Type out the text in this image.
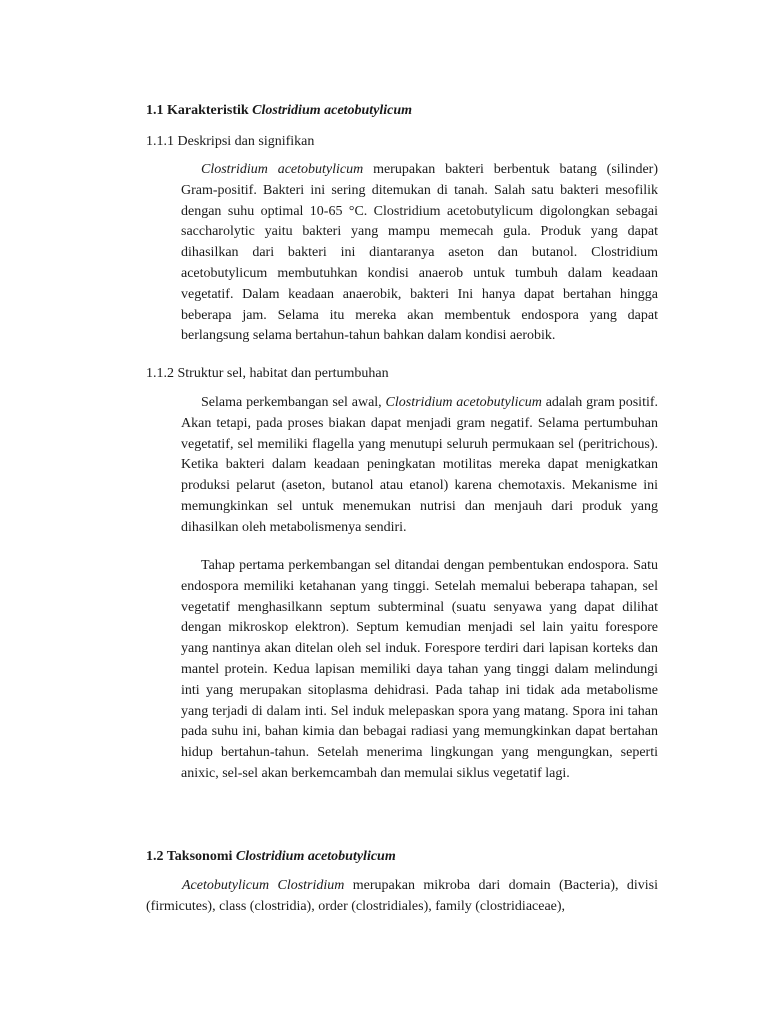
1.1 Karakteristik Clostridium acetobutylicum
1.1.1 Deskripsi dan signifikan

Clostridium acetobutylicum merupakan bakteri berbentuk batang (silinder) Gram-positif. Bakteri ini sering ditemukan di tanah. Salah satu bakteri mesofilik dengan suhu optimal 10-65 °C. Clostridium acetobutylicum digolongkan sebagai saccharolytic yaitu bakteri yang mampu memecah gula. Produk yang dapat dihasilkan dari bakteri ini diantaranya aseton dan butanol. Clostridium acetobutylicum membutuhkan kondisi anaerob untuk tumbuh dalam keadaan vegetatif. Dalam keadaan anaerobik, bakteri Ini hanya dapat bertahan hingga beberapa jam. Selama itu mereka akan membentuk endospora yang dapat berlangsung selama bertahun-tahun bahkan dalam kondisi aerobik.

1.1.2 Struktur sel, habitat dan pertumbuhan

Selama perkembangan sel awal, Clostridium acetobutylicum adalah gram positif. Akan tetapi, pada proses biakan dapat menjadi gram negatif. Selama pertumbuhan vegetatif, sel memiliki flagella yang menutupi seluruh permukaan sel (peritrichous). Ketika bakteri dalam keadaan peningkatan motilitas mereka dapat menigkatkan produksi pelarut (aseton, butanol atau etanol) karena chemotaxis. Mekanisme ini memungkinkan sel untuk menemukan nutrisi dan menjauh dari produk yang dihasilkan oleh metabolismenya sendiri.

Tahap pertama perkembangan sel ditandai dengan pembentukan endospora. Satu endospora memiliki ketahanan yang tinggi. Setelah memalui beberapa tahapan, sel vegetatif menghasilkann septum subterminal (suatu senyawa yang dapat dilihat dengan mikroskop elektron). Septum kemudian menjadi sel lain yaitu forespore yang nantinya akan ditelan oleh sel induk. Forespore terdiri dari lapisan korteks dan mantel protein. Kedua lapisan memiliki daya tahan yang tinggi dalam melindungi inti yang merupakan sitoplasma dehidrasi. Pada tahap ini tidak ada metabolisme yang terjadi di dalam inti. Sel induk melepaskan spora yang matang. Spora ini tahan pada suhu ini, bahan kimia dan bebagai radiasi yang memungkinkan dapat bertahan hidup bertahun-tahun. Setelah menerima lingkungan yang mengungkan, seperti anixic, sel-sel akan berkemcambah dan memulai siklus vegetatif lagi.

1.2 Taksonomi Clostridium acetobutylicum

Acetobutylicum Clostridium merupakan mikroba dari domain (Bacteria), divisi (firmicutes), class (clostridia), order (clostridiales), family (clostridiaceae),
